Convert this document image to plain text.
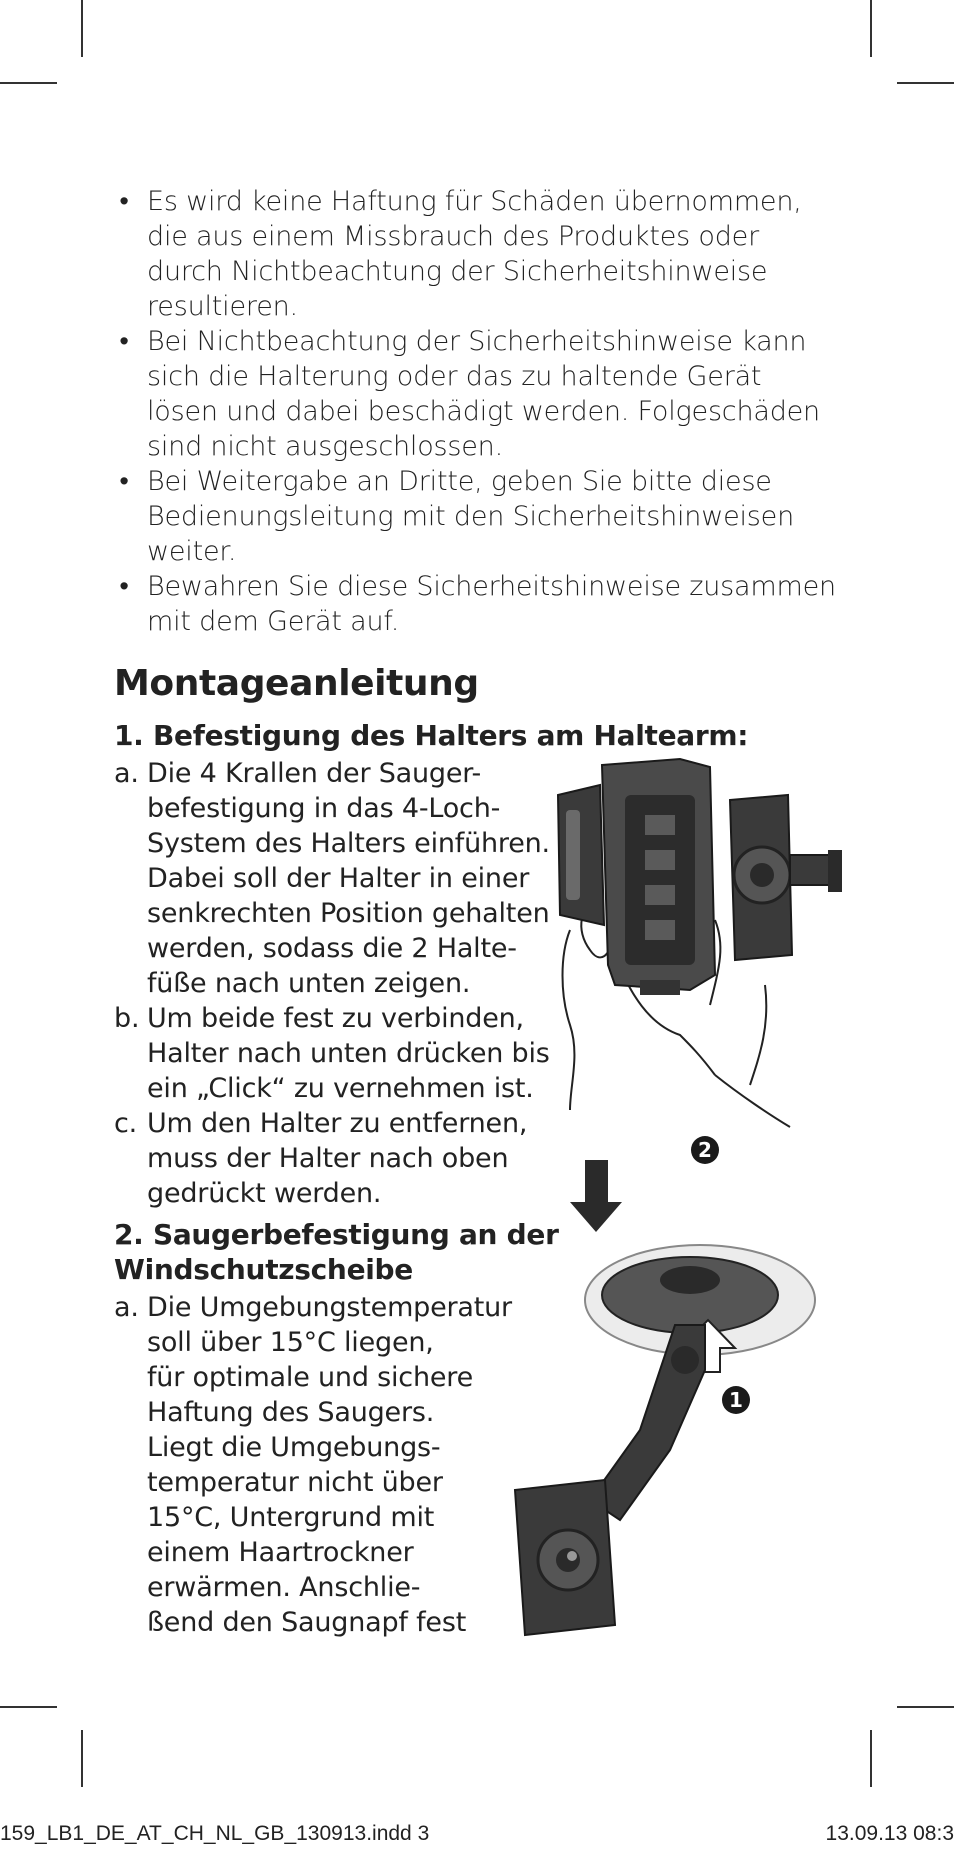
• Es wird keine Haftung für Schäden übernommen,
die aus einem Missbrauch des Produktes oder
durch Nichtbeachtung der Sicherheitshinweise
resultieren.
• Bei Nichtbeachtung der Sicherheitshinweise kann
sich die Halterung oder das zu haltende Gerät
lösen und dabei beschädigt werden. Folgeschäden
sind nicht ausgeschlossen.
• Bei Weitergabe an Dritte, geben Sie bitte diese
Bedienungsleitung mit den Sicherheitshinweisen
weiter.
• Bewahren Sie diese Sicherheitshinweise zusammen
mit dem Gerät auf.
Montageanleitung
1. Befestigung des Halters am Haltearm:
a. Die 4 Krallen der Sauger-
befestigung in das 4-Loch-
System des Halters einführen.
Dabei soll der Halter in einer
senkrechten Position gehalten
werden, sodass die 2 Halte-
füße nach unten zeigen.
b. Um beide fest zu verbinden,
Halter nach unten drücken bis
ein „Click“ zu vernehmen ist.
c. Um den Halter zu entfernen,
muss der Halter nach oben
gedrückt werden.
2. Saugerbefestigung an der
Windschutzscheibe
a. Die Umgebungstemperatur
soll über 15°C liegen,
für optimale und sichere
Haftung des Saugers.
Liegt die Umgebungs-
temperatur nicht über
15°C, Untergrund mit
einem Haartrockner
erwärmen. Anschlie-
ßend den Saugnapf fest
2
1
159_LB1_DE_AT_CH_NL_GB_130913.indd 3	13.09.13 08:3
